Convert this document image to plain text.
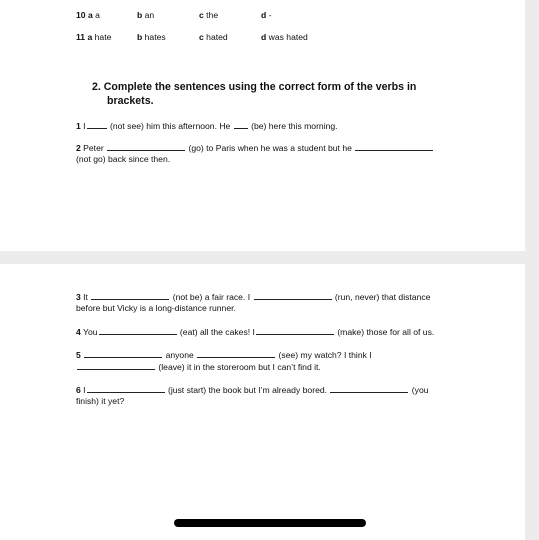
10 a a	b an	c the	d -
11 a hate	b hates	c hated	d was hated
2. Complete the sentences using the correct form of the verbs in
brackets.
1 I	(not see) him this afternoon. He (be) here this morning.
2 Peter	(go) to Paris when he was a student but he
(not go) back since then.
3 It	(not be) a fair race. I	(run, never) that distance
before but Vicky is a long-distance runner.
4 You	(eat) all the cakes! I	(make) those for all of us.
5	anyone	(see) my watch? I think I
(leave) it in the storeroom but I can’t find it.
6 I	(just start) the book but I’m already bored.	(you
finish) it yet?
